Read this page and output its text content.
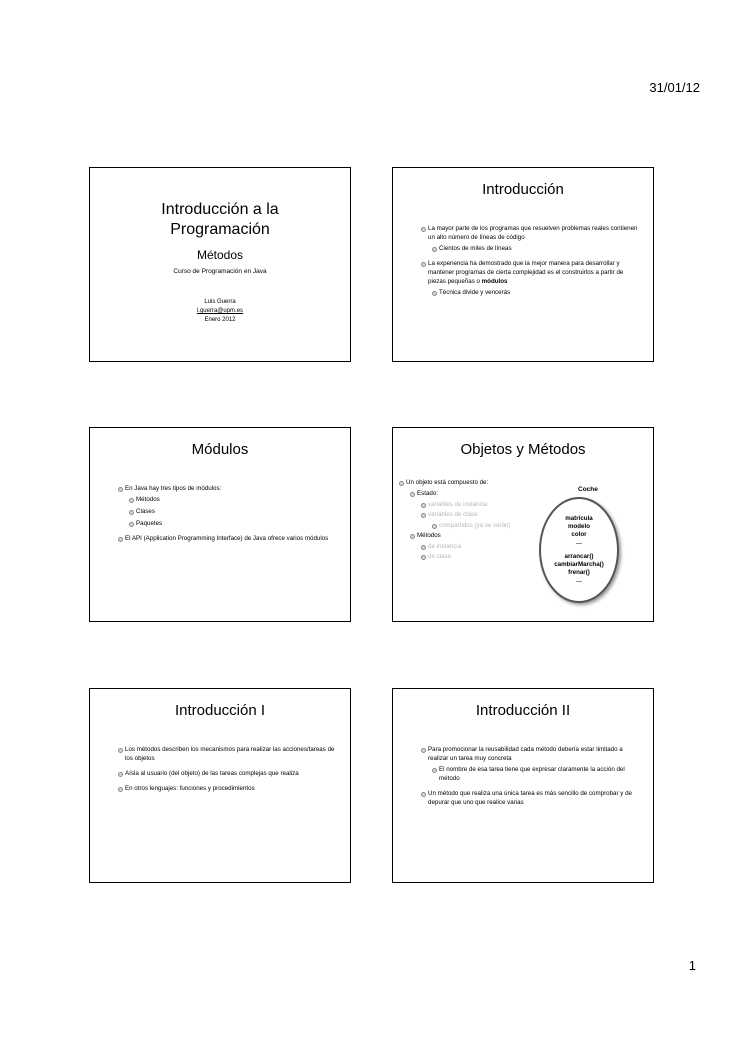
31/01/12
Introducción a la
Programación
Métodos
Curso de Programación en Java
Luis Guerra
l.guerra@upm.es
Enero 2012
Introducción
La mayor parte de los programas que resuelven problemas reales contienen un alto número de líneas de código
Cientos de miles de líneas
La experiencia ha demostrado que la mejor manera para desarrollar y mantener programas de cierta complejidad es el construirlos a partir de piezas pequeñas o módulos
Técnica divide y vencerás
Módulos
En Java hay tres tipos de módulos:
Métodos
Clases
Paquetes
El API (Application Programming Interface) de Java ofrece varios módulos
Objetos y Métodos
Un objeto está compuesto de:
Estado:
variables de instancia
variables de clase
compartidos (ya se verán)
Métodos
de instancia
de clase
Coche
matrícula
modelo
color
…
arrancar()
cambiarMarcha()
frenar()
…
Introducción I
Los métodos describen los mecanismos para realizar las acciones/tareas de los objetos
Aísla al usuario (del objeto) de las tareas complejas que realiza
En otros lenguajes: funciones y procedimientos
Introducción II
Para promocionar la reusabilidad cada método debería estar limitado a realizar un tarea muy concreta
El nombre de esa tarea tiene que expresar claramente la acción del método
Un método que realiza una única tarea es más sencillo de comprobar y de depurar que uno que realice varias
1
